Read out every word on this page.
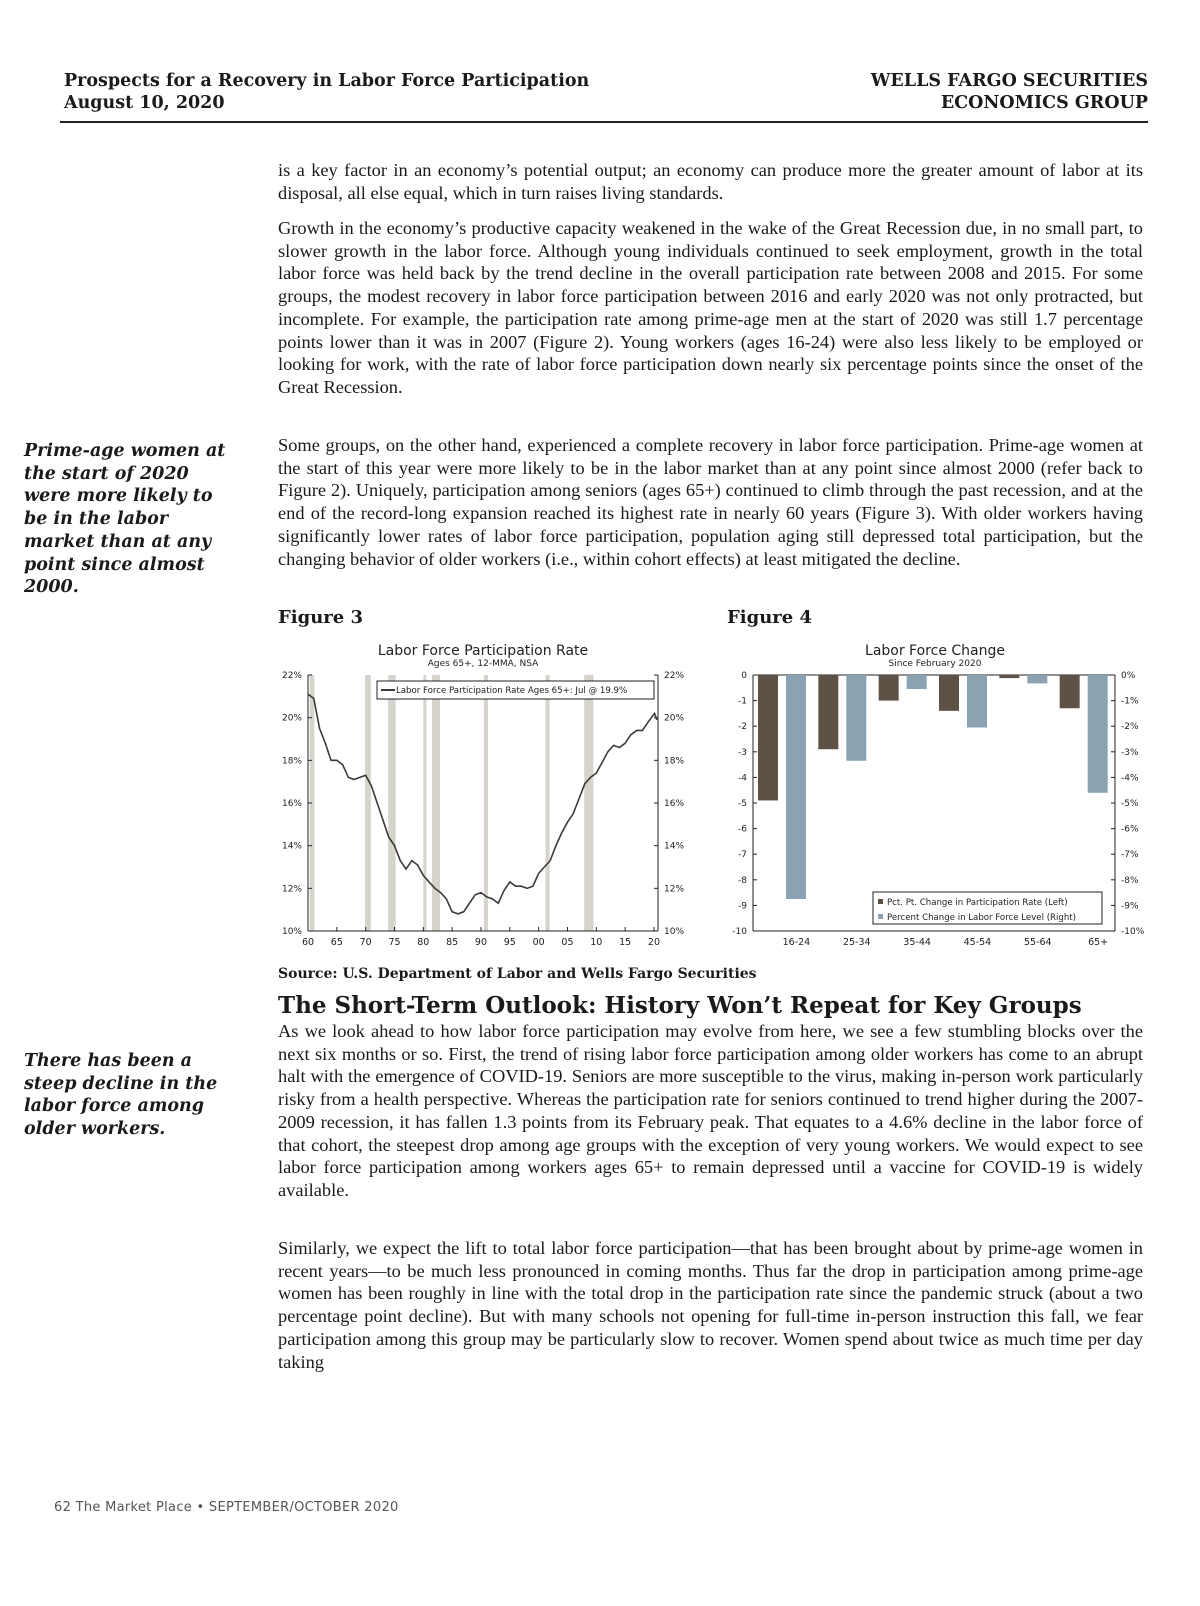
Prospects for a Recovery in Labor Force Participation
August 10, 2020
WELLS FARGO SECURITIES
ECONOMICS GROUP
is a key factor in an economy’s potential output; an economy can produce more the greater amount of labor at its disposal, all else equal, which in turn raises living standards.
Growth in the economy’s productive capacity weakened in the wake of the Great Recession due, in no small part, to slower growth in the labor force. Although young individuals continued to seek employment, growth in the total labor force was held back by the trend decline in the overall participation rate between 2008 and 2015. For some groups, the modest recovery in labor force participation between 2016 and early 2020 was not only protracted, but incomplete. For example, the participation rate among prime-age men at the start of 2020 was still 1.7 percentage points lower than it was in 2007 (Figure 2). Young workers (ages 16-24) were also less likely to be employed or looking for work, with the rate of labor force participation down nearly six percentage points since the onset of the Great Recession.
Some groups, on the other hand, experienced a complete recovery in labor force participation. Prime-age women at the start of this year were more likely to be in the labor market than at any point since almost 2000 (refer back to Figure 2). Uniquely, participation among seniors (ages 65+) continued to climb through the past recession, and at the end of the record-long expansion reached its highest rate in nearly 60 years (Figure 3). With older workers having significantly lower rates of labor force participation, population aging still depressed total participation, but the changing behavior of older workers (i.e., within cohort effects) at least mitigated the decline.
Prime-age women at the start of 2020 were more likely to be in the labor market than at any point since almost 2000.
Figure 3	Figure 4
Labor Force Participation Rate
Ages 65+, 12-MMA, NSA
10%	10%
12%	12%
14%	14%
16%	16%
18%	18%
20%	20%
22%	22%
60 65 70 75 80 85 90 95 00 05 10 15 20
Labor Force Participation Rate Ages 65+: Jul @ 19.9%
Labor Force Change
Since February 2020
0	0%
-1	-1%
-2	-2%
-3	-3%
-4	-4%
-5	-5%
-6	-6%
-7	-7%
-8	-8%
-9	-9%
-10	-10%
16-24	25-34	35-44	45-54	55-64	65+
Pct. Pt. Change in Participation Rate (Left)
Percent Change in Labor Force Level (Right)
Source: U.S. Department of Labor and Wells Fargo Securities
The Short-Term Outlook: History Won’t Repeat for Key Groups
As we look ahead to how labor force participation may evolve from here, we see a few stumbling blocks over the next six months or so. First, the trend of rising labor force participation among older workers has come to an abrupt halt with the emergence of COVID-19. Seniors are more susceptible to the virus, making in-person work particularly risky from a health perspective. Whereas the participation rate for seniors continued to trend higher during the 2007-2009 recession, it has fallen 1.3 points from its February peak. That equates to a 4.6% decline in the labor force of that cohort, the steepest drop among age groups with the exception of very young workers. We would expect to see labor force participation among workers ages 65+ to remain depressed until a vaccine for COVID-19 is widely available.
There has been a steep decline in the labor force among older workers.
Similarly, we expect the lift to total labor force participation—that has been brought about by prime-age women in recent years—to be much less pronounced in coming months. Thus far the drop in participation among prime-age women has been roughly in line with the total drop in the participation rate since the pandemic struck (about a two percentage point decline). But with many schools not opening for full-time in-person instruction this fall, we fear participation among this group may be particularly slow to recover. Women spend about twice as much time per day taking
62 The Market Place • SEPTEMBER/OCTOBER 2020
